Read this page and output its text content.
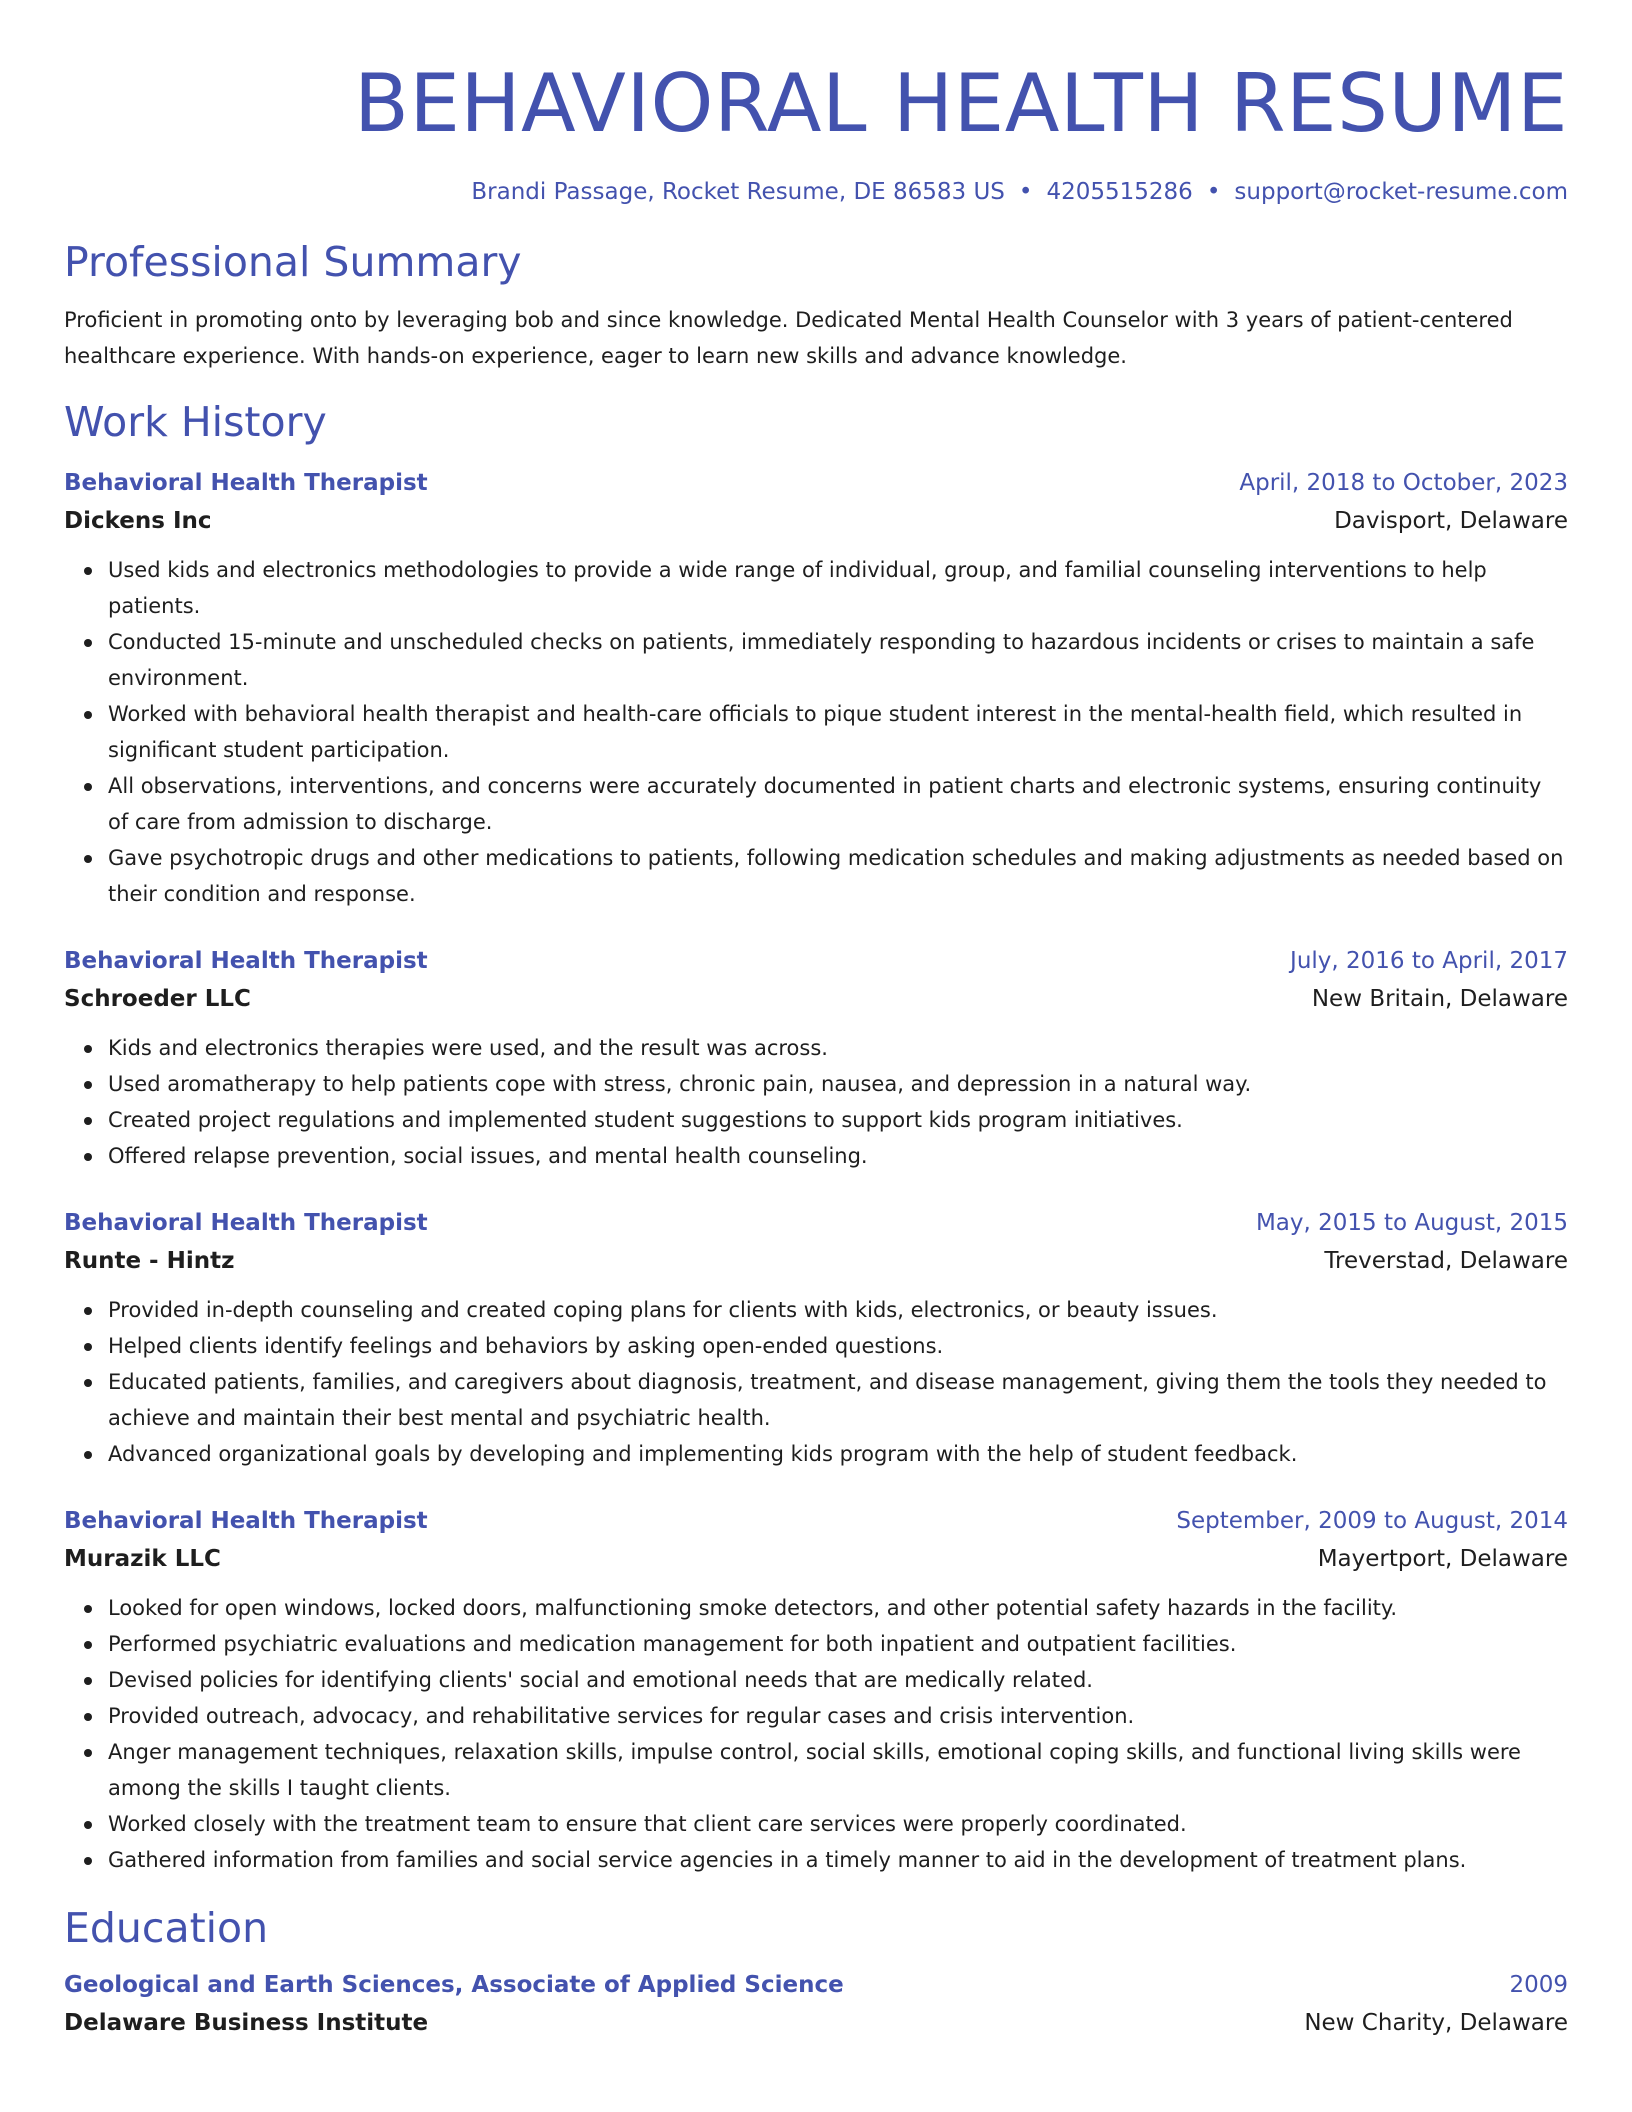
BEHAVIORAL HEALTH RESUME
Brandi Passage, Rocket Resume, DE 86583 US • 4205515286 • support@rocket-resume.com
Professional Summary
Proficient in promoting onto by leveraging bob and since knowledge. Dedicated Mental Health Counselor with 3 years of patient-centered healthcare experience. With hands-on experience, eager to learn new skills and advance knowledge.
Work History
Behavioral Health Therapist	April, 2018 to October, 2023
Dickens Inc	Davisport, Delaware
Used kids and electronics methodologies to provide a wide range of individual, group, and familial counseling interventions to help patients.
Conducted 15-minute and unscheduled checks on patients, immediately responding to hazardous incidents or crises to maintain a safe environment.
Worked with behavioral health therapist and health-care officials to pique student interest in the mental-health field, which resulted in significant student participation.
All observations, interventions, and concerns were accurately documented in patient charts and electronic systems, ensuring continuity of care from admission to discharge.
Gave psychotropic drugs and other medications to patients, following medication schedules and making adjustments as needed based on their condition and response.
Behavioral Health Therapist	July, 2016 to April, 2017
Schroeder LLC	New Britain, Delaware
Kids and electronics therapies were used, and the result was across.
Used aromatherapy to help patients cope with stress, chronic pain, nausea, and depression in a natural way.
Created project regulations and implemented student suggestions to support kids program initiatives.
Offered relapse prevention, social issues, and mental health counseling.
Behavioral Health Therapist	May, 2015 to August, 2015
Runte - Hintz	Treverstad, Delaware
Provided in-depth counseling and created coping plans for clients with kids, electronics, or beauty issues.
Helped clients identify feelings and behaviors by asking open-ended questions.
Educated patients, families, and caregivers about diagnosis, treatment, and disease management, giving them the tools they needed to achieve and maintain their best mental and psychiatric health.
Advanced organizational goals by developing and implementing kids program with the help of student feedback.
Behavioral Health Therapist	September, 2009 to August, 2014
Murazik LLC	Mayertport, Delaware
Looked for open windows, locked doors, malfunctioning smoke detectors, and other potential safety hazards in the facility.
Performed psychiatric evaluations and medication management for both inpatient and outpatient facilities.
Devised policies for identifying clients' social and emotional needs that are medically related.
Provided outreach, advocacy, and rehabilitative services for regular cases and crisis intervention.
Anger management techniques, relaxation skills, impulse control, social skills, emotional coping skills, and functional living skills were among the skills I taught clients.
Worked closely with the treatment team to ensure that client care services were properly coordinated.
Gathered information from families and social service agencies in a timely manner to aid in the development of treatment plans.
Education
Geological and Earth Sciences, Associate of Applied Science	2009
Delaware Business Institute	New Charity, Delaware
